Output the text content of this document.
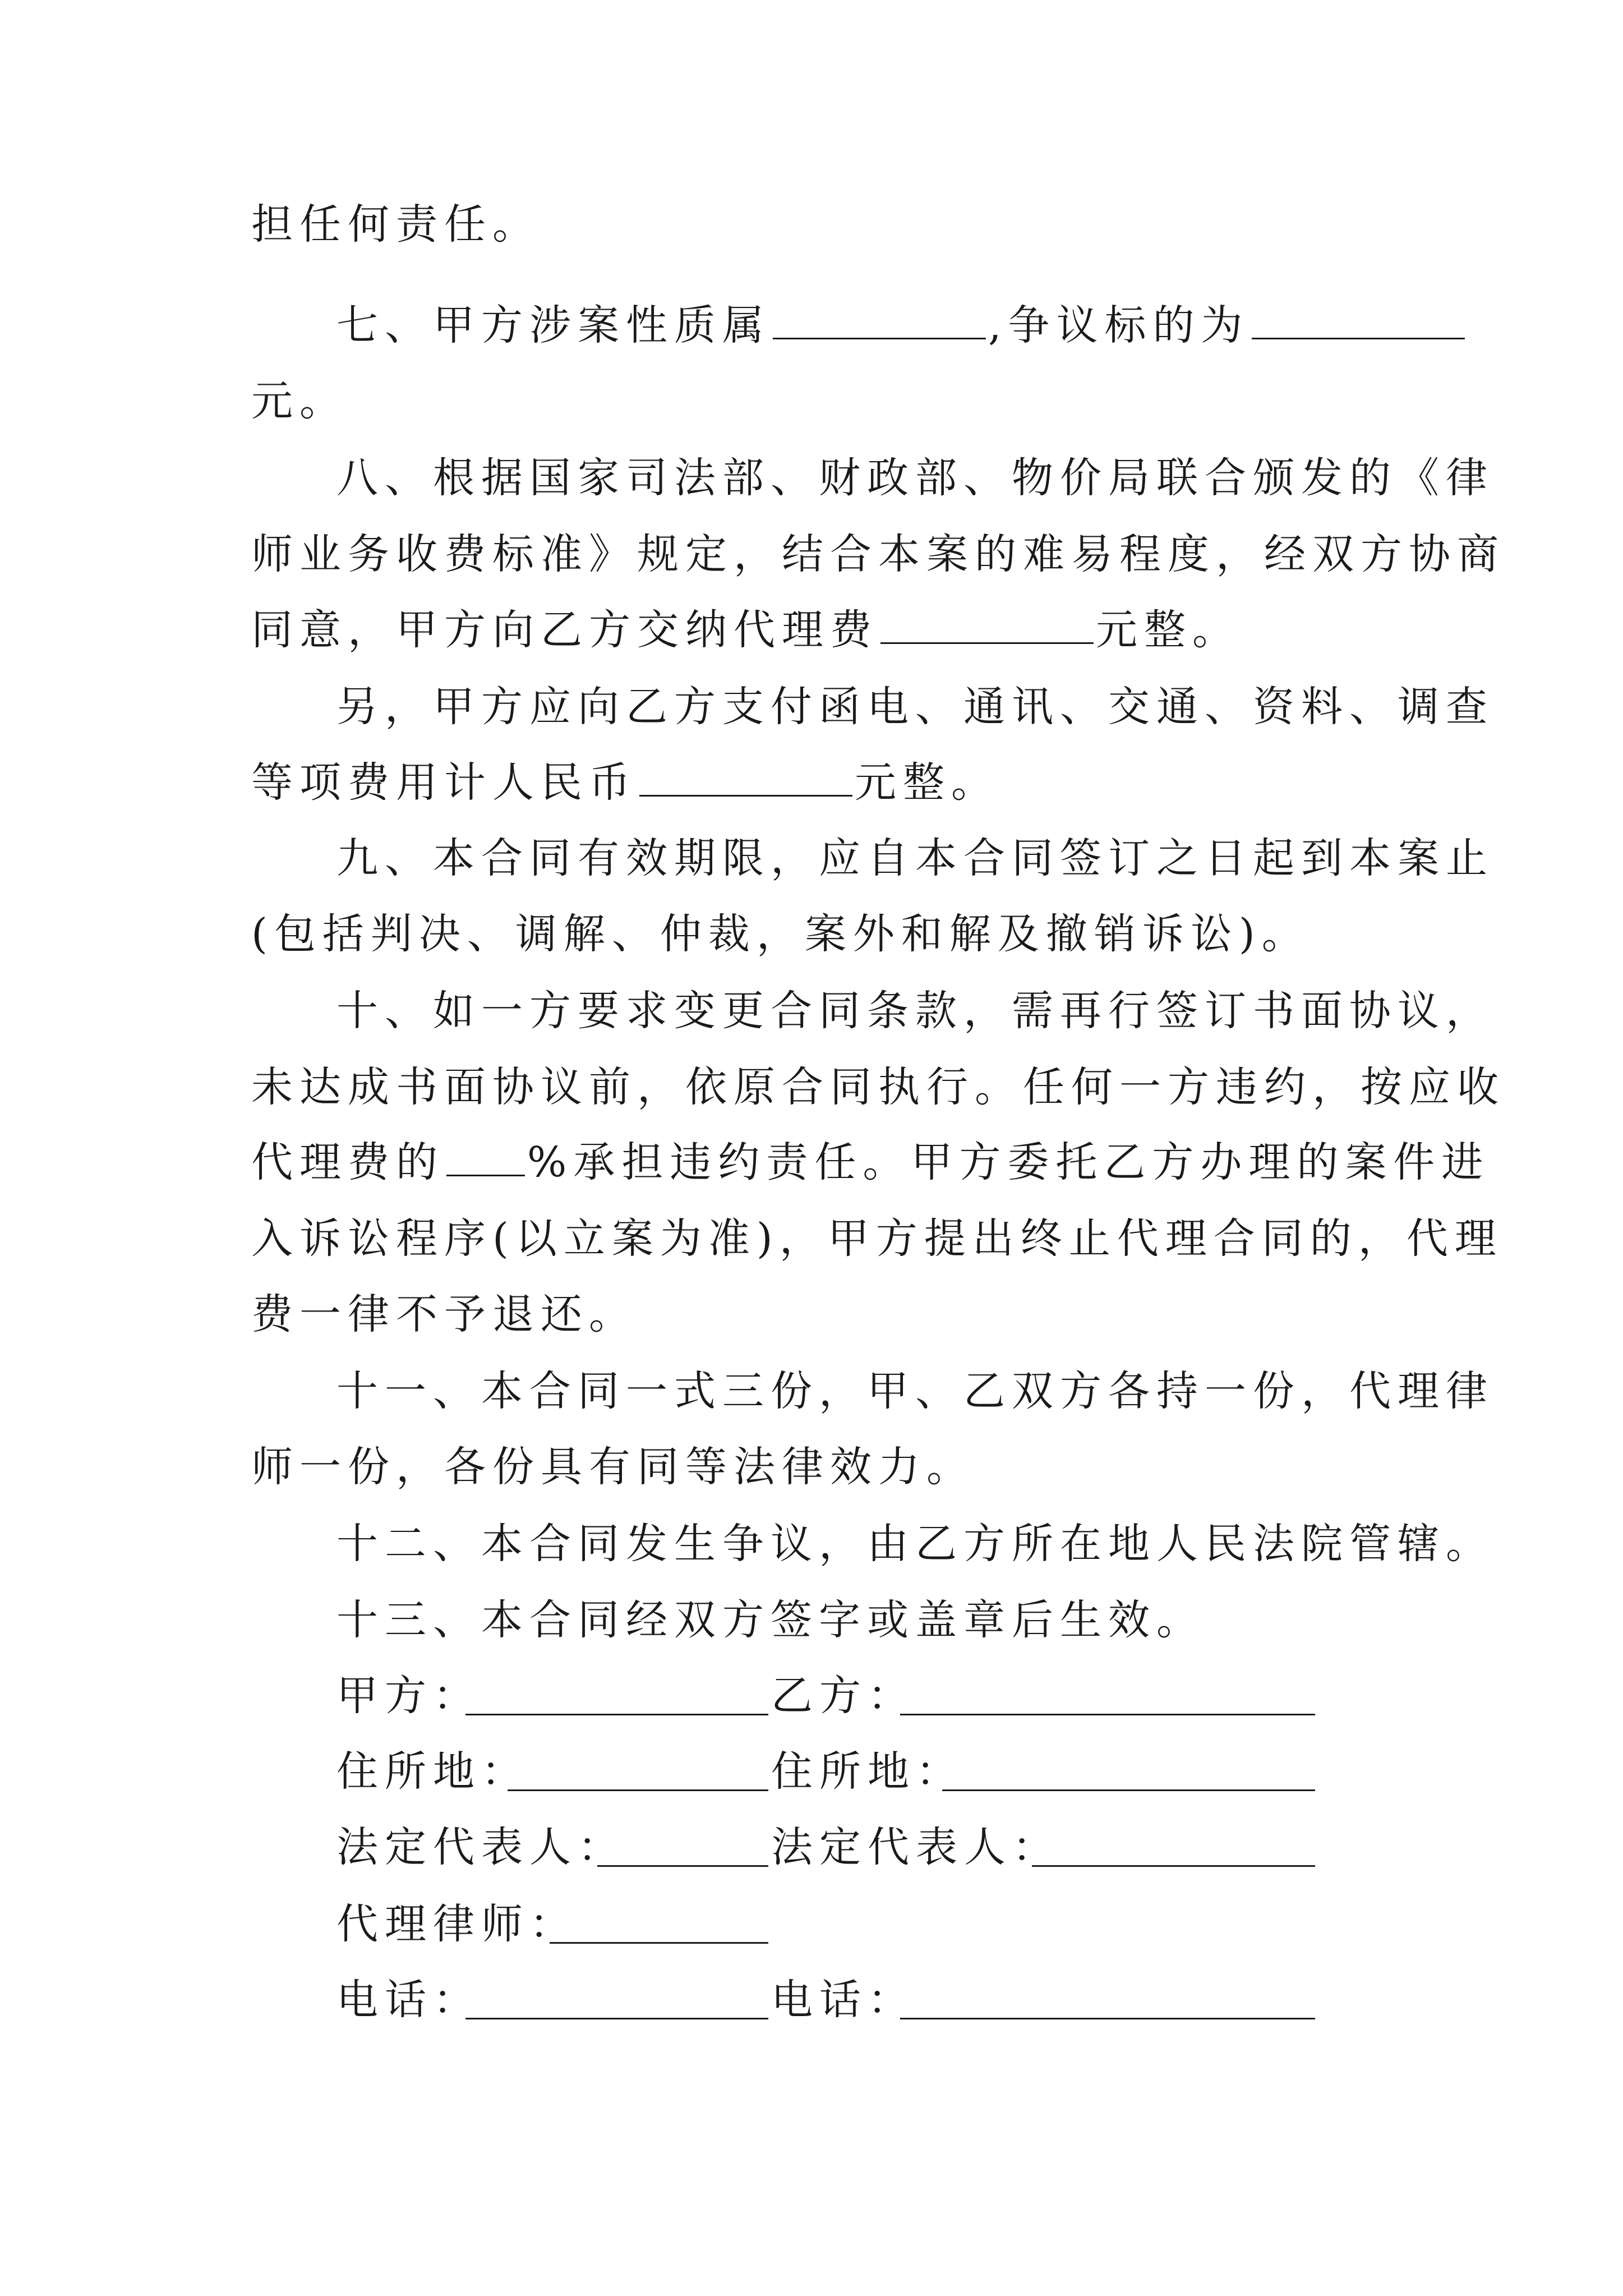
担任何责任。
七、甲方涉案性质属	,争议标的为
元。
八、根据国家司法部、财政部、物价局联合颁发的《律
师业务收费标准》规定，结合本案的难易程度，经双方协商
同意，甲方向乙方交纳代理费	元整。
另，甲方应向乙方支付函电、通讯、交通、资料、调查
等项费用计人民币	元整。
九、本合同有效期限，应自本合同签订之日起到本案止
(包括判决、调解、仲裁，案外和解及撤销诉讼)。
十、如一方要求变更合同条款，需再行签订书面协议，
未达成书面协议前，依原合同执行。任何一方违约，按应收
代理费的 %承担违约责任。甲方委托乙方办理的案件进
入诉讼程序(以立案为准)，甲方提出终止代理合同的，代理
费一律不予退还。
十一、本合同一式三份，甲、乙双方各持一份，代理律
师一份，各份具有同等法律效力。
十二、本合同发生争议，由乙方所在地人民法院管辖。
十三、本合同经双方签字或盖章后生效。
甲方：	乙方：
住所地：	住所地：
法定代表人：	法定代表人：
代理律师：
电话：	电话：
